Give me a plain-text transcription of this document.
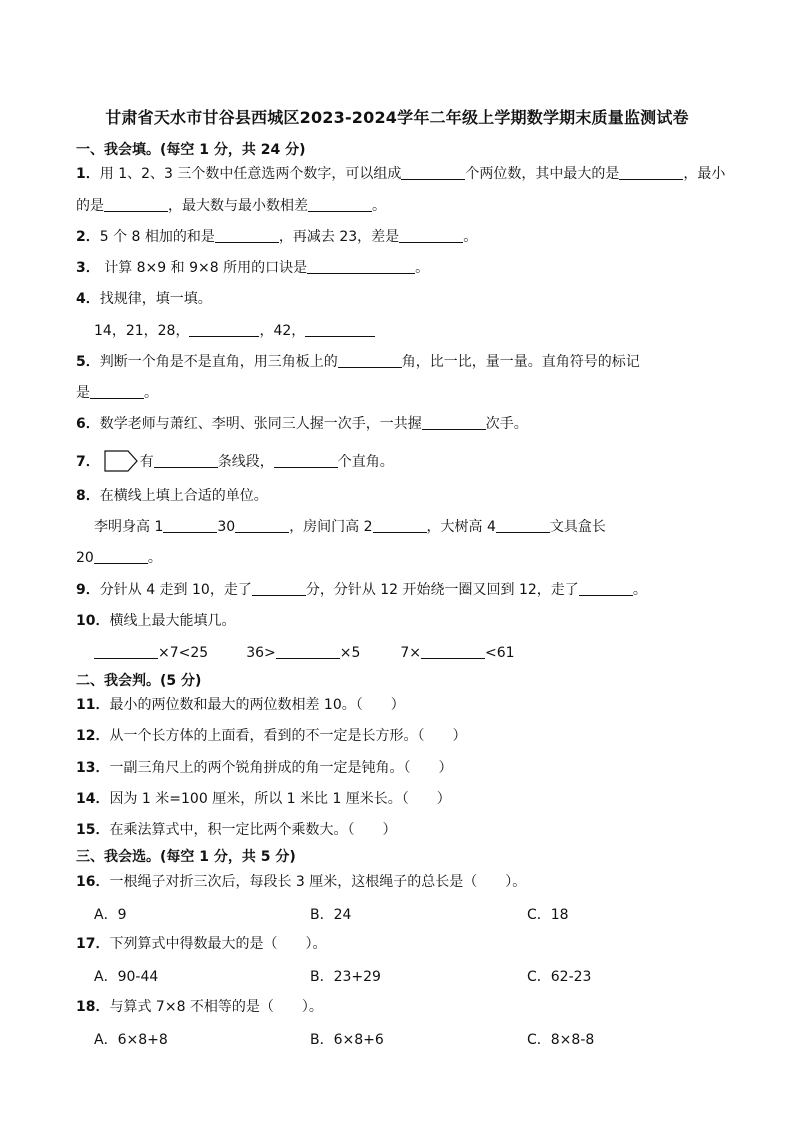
甘肃省天水市甘谷县西城区2023-2024学年二年级上学期数学期末质量监测试卷
一、我会填。(每空 1 分，共 24 分)
1．用 1、2、3 三个数中任意选两个数字，可以组成	个两位数，其中最大的是	，最小
的是	，最大数与最小数相差	。
2．5 个 8 相加的和是	，再减去 23，差是	。
3． 计算 8×9 和 9×8 所用的口诀是	。
4．找规律，填一填。
14，21，28，	，42，
5．判断一个角是不是直角，用三角板上的	角，比一比，量一量。直角符号的标记
是	。
6．数学老师与萧红、李明、张同三人握一次手，一共握	次手。
7．	有	条线段，	个直角。
8．在横线上填上合适的单位。
李明身高 1	30	，房间门高 2	，大树高 4	文具盒长
20	。
9．分针从 4 走到 10，走了	分，分针从 12 开始绕一圈又回到 12，走了	。
10．横线上最大能填几。
×7<25	36>	×5	7×	<61
二、我会判。(5 分)
11．最小的两位数和最大的两位数相差 10。（　　）
12．从一个长方体的上面看，看到的不一定是长方形。（　　）
13．一副三角尺上的两个锐角拼成的角一定是钝角。（　　）
14．因为 1 米=100 厘米，所以 1 米比 1 厘米长。（　　）
15．在乘法算式中，积一定比两个乘数大。（　　）
三、我会选。(每空 1 分，共 5 分)
16．一根绳子对折三次后，每段长 3 厘米，这根绳子的总长是（　　）。
A．9	B．24	C．18
17．下列算式中得数最大的是（　　）。
A．90-44	B．23+29	C．62-23
18．与算式 7×8 不相等的是（　　）。
A．6×8+8	B．6×8+6	C．8×8-8
